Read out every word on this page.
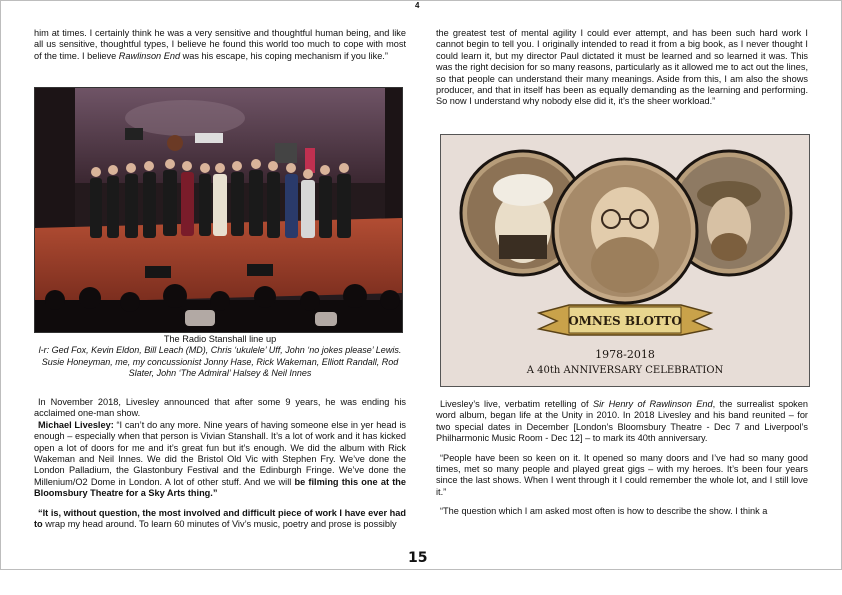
4

him at times. I certainly think he was a very sensitive and thoughtful human being, and like all us sensitive, thoughtful types, I believe he found this world too much to cope with most of the time. I believe Rawlinson End was his escape, his coping mechanism if you like.”

The Radio Stanshall line up
l-r: Ged Fox, Kevin Eldon, Bill Leach (MD), Chris ‘ukulele’ Uff, John ‘no jokes please’ Lewis. Susie Honeyman, me, my concussionist Jonny Hase, Rick Wakeman, Elliott Randall, Rod Slater, John ‘The Admiral’ Halsey & Neil Innes

In November 2018, Livesley announced that after some 9 years, he was ending his acclaimed one-man show.

Michael Livesley: “I can’t do any more. Nine years of having someone else in yer head is enough – especially when that person is Vivian Stanshall. It’s a lot of work and it has kicked open a lot of doors for me and it’s great fun but it’s enough. We did the album with Rick Wakeman and Neil Innes. We did the Bristol Old Vic with Stephen Fry. We’ve done the London Palladium, the Glastonbury Festival and the Edinburgh Fringe. We’ve done the Millenium/O2 Dome in London. A lot of other stuff. And we will be filming this one at the Bloomsbury Theatre for a Sky Arts thing.”

“It is, without question, the most involved and difficult piece of work I have ever had to wrap my head around. To learn 60 minutes of Viv’s music, poetry and prose is possibly

the greatest test of mental agility I could ever attempt, and has been such hard work I cannot begin to tell you. I originally intended to read it from a big book, as I never thought I could learn it, but my director Paul dictated it must be learned and so learned it was. This was the right decision for so many reasons, particularly as it allowed me to act out the lines, so that people can understand their many meanings. Aside from this, I am also the shows producer, and that in itself has been as equally demanding as the learning and performing. So now I understand why nobody else did it, it’s the sheer workload.”

OMNES BLOTTO
1978-2018
A 40th ANNIVERSARY CELEBRATION

Livesley’s live, verbatim retelling of Sir Henry of Rawlinson End, the surrealist spoken word album, began life at the Unity in 2010. In 2018 Livesley and his band reunited – for two special dates in December [London’s Bloomsbury Theatre - Dec 7 and Liverpool’s Philharmonic Music Room - Dec 12] – to mark its 40th anniversary.

“People have been so keen on it. It opened so many doors and I’ve had so many good times, met so many people and played great gigs – with my heroes. It’s been four years since the last shows. When I went through it I could remember the whole lot, and I still love it.”

“The question which I am asked most often is how to describe the show. I think a

15
